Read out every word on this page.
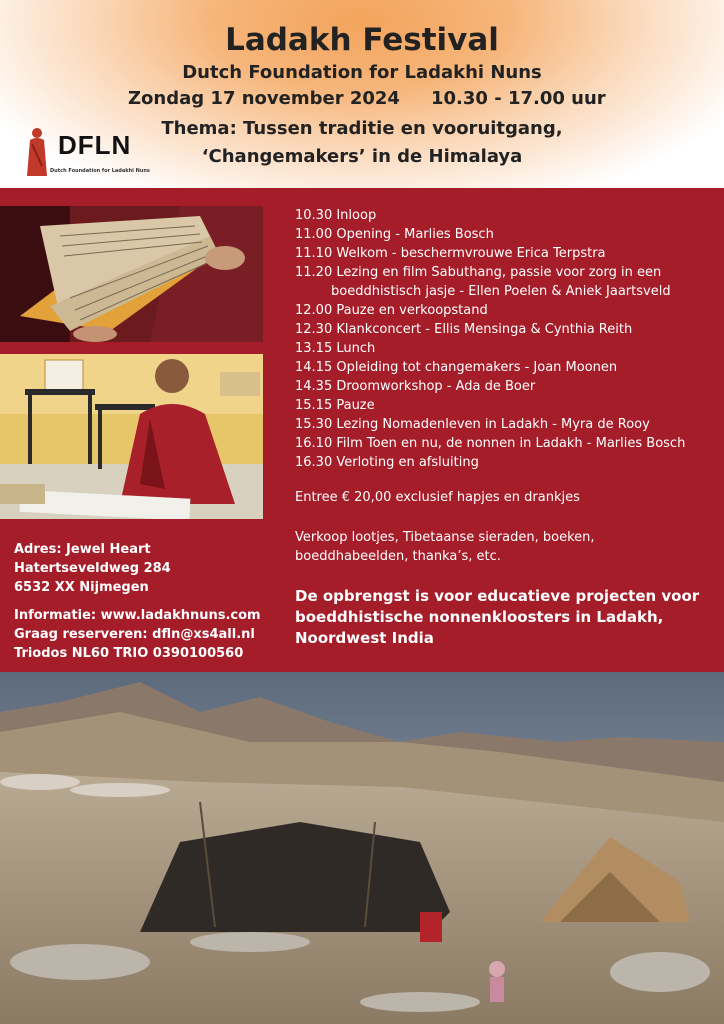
Ladakh Festival
Dutch Foundation for Ladakhi Nuns
Zondag 17 november 2024 10.30 - 17.00 uur
Thema: Tussen traditie en vooruitgang,
‘Changemakers’ in de Himalaya
DFLN
Dutch Foundation for Ladakhi Nuns
10.30 Inloop
11.00 Opening - Marlies Bosch
11.10 Welkom - beschermvrouwe Erica Terpstra
11.20 Lezing en film Sabuthang, passie voor zorg in een
boeddhistisch jasje - Ellen Poelen & Aniek Jaartsveld
12.00 Pauze en verkoopstand
12.30 Klankconcert - Ellis Mensinga & Cynthia Reith
13.15 Lunch
14.15 Opleiding tot changemakers - Joan Moonen
14.35 Droomworkshop - Ada de Boer
15.15 Pauze
15.30 Lezing Nomadenleven in Ladakh - Myra de Rooy
16.10 Film Toen en nu, de nonnen in Ladakh - Marlies Bosch
16.30 Verloting en afsluiting
Entree € 20,00 exclusief hapjes en drankjes
Verkoop lootjes, Tibetaanse sieraden, boeken,
boeddhabeelden, thanka’s, etc.
De opbrengst is voor educatieve projecten voor
boeddhistische nonnenkloosters in Ladakh,
Noordwest India
Adres: Jewel Heart
Hatertseveldweg 284
6532 XX Nijmegen
Informatie: www.ladakhnuns.com
Graag reserveren: dfln@xs4all.nl
Triodos NL60 TRIO 0390100560
